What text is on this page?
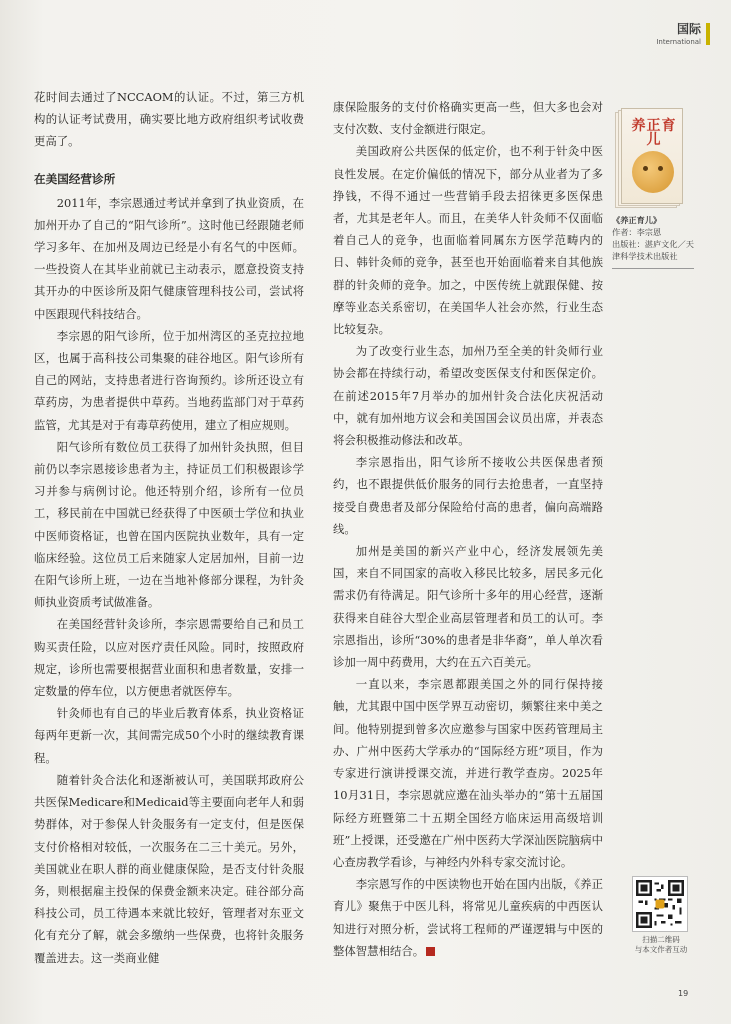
国际
International

花时间去通过了NCCAOM的认证。不过，第三方机构的认证考试费用，确实要比地方政府组织考试收费更高了。

在美国经营诊所

2011年，李宗恩通过考试并拿到了执业资质，在加州开办了自己的“阳气诊所”。这时他已经跟随老师学习多年、在加州及周边已经是小有名气的中医师。一些投资人在其毕业前就已主动表示，愿意投资支持其开办的中医诊所及阳气健康管理科技公司，尝试将中医跟现代科技结合。

李宗恩的阳气诊所，位于加州湾区的圣克拉拉地区，也属于高科技公司集聚的硅谷地区。阳气诊所有自己的网站，支持患者进行咨询预约。诊所还设立有草药房，为患者提供中草药。当地药监部门对于草药监管，尤其是对于有毒草药使用，建立了相应规则。

阳气诊所有数位员工获得了加州针灸执照，但目前仍以李宗恩接诊患者为主，持证员工们积极跟诊学习并参与病例讨论。他还特别介绍，诊所有一位员工，移民前在中国就已经获得了中医硕士学位和执业中医师资格证，也曾在国内医院执业数年，具有一定临床经验。这位员工后来随家人定居加州，目前一边在阳气诊所上班，一边在当地补修部分课程，为针灸师执业资质考试做准备。

在美国经营针灸诊所，李宗恩需要给自己和员工购买责任险，以应对医疗责任风险。同时，按照政府规定，诊所也需要根据营业面积和患者数量，安排一定数量的停车位，以方便患者就医停车。

针灸师也有自己的毕业后教育体系，执业资格证每两年更新一次，其间需完成50个小时的继续教育课程。

随着针灸合法化和逐渐被认可，美国联邦政府公共医保Medicare和Medicaid等主要面向老年人和弱势群体，对于参保人针灸服务有一定支付，但是医保支付价格相对较低，一次服务在二三十美元。另外，美国就业在职人群的商业健康保险，是否支付针灸服务，则根据雇主投保的保费金额来决定。硅谷部分高科技公司，员工待遇本来就比较好，管理者对东亚文化有充分了解，就会多缴纳一些保费，也将针灸服务覆盖进去。这一类商业健

康保险服务的支付价格确实更高一些，但大多也会对支付次数、支付金额进行限定。

美国政府公共医保的低定价，也不利于针灸中医良性发展。在定价偏低的情况下，部分从业者为了多挣钱，不得不通过一些营销手段去招徕更多医保患者，尤其是老年人。而且，在美华人针灸师不仅面临着自己人的竞争，也面临着同属东方医学范畴内的日、韩针灸师的竞争，甚至也开始面临着来自其他族群的针灸师的竞争。加之，中医传统上就跟保健、按摩等业态关系密切，在美国华人社会亦然，行业生态比较复杂。

为了改变行业生态，加州乃至全美的针灸师行业协会都在持续行动，希望改变医保支付和医保定价。在前述2015年7月举办的加州针灸合法化庆祝活动中，就有加州地方议会和美国国会议员出席，并表态将会积极推动修法和改革。

李宗恩指出，阳气诊所不接收公共医保患者预约，也不跟提供低价服务的同行去抢患者，一直坚持接受自费患者及部分保险给付高的患者，偏向高端路线。

加州是美国的新兴产业中心，经济发展领先美国，来自不同国家的高收入移民比较多，居民多元化需求仍有待满足。阳气诊所十多年的用心经营，逐渐获得来自硅谷大型企业高层管理者和员工的认可。李宗恩指出，诊所“30%的患者是非华裔”，单人单次看诊加一周中药费用，大约在五六百美元。

一直以来，李宗恩都跟美国之外的同行保持接触，尤其跟中国中医学界互动密切，频繁往来中美之间。他特别提到曾多次应邀参与国家中医药管理局主办、广州中医药大学承办的“国际经方班”项目，作为专家进行演讲授课交流，并进行教学查房。2025年10月31日，李宗恩就应邀在汕头举办的“第十五届国际经方班暨第二十五期全国经方临床运用高级培训班”上授课，还受邀在广州中医药大学深汕医院脑病中心查房教学看诊，与神经内外科专家交流讨论。

李宗恩写作的中医读物也开始在国内出版，《养正育儿》聚焦于中医儿科，将常见儿童疾病的中西医认知进行对照分析，尝试将工程师的严谨逻辑与中医的整体智慧相结合。

养正育儿
《养正育儿》
作者：李宗恩
出版社：湛庐文化／天津科学技术出版社
扫描二维码
与本文作者互动
19
